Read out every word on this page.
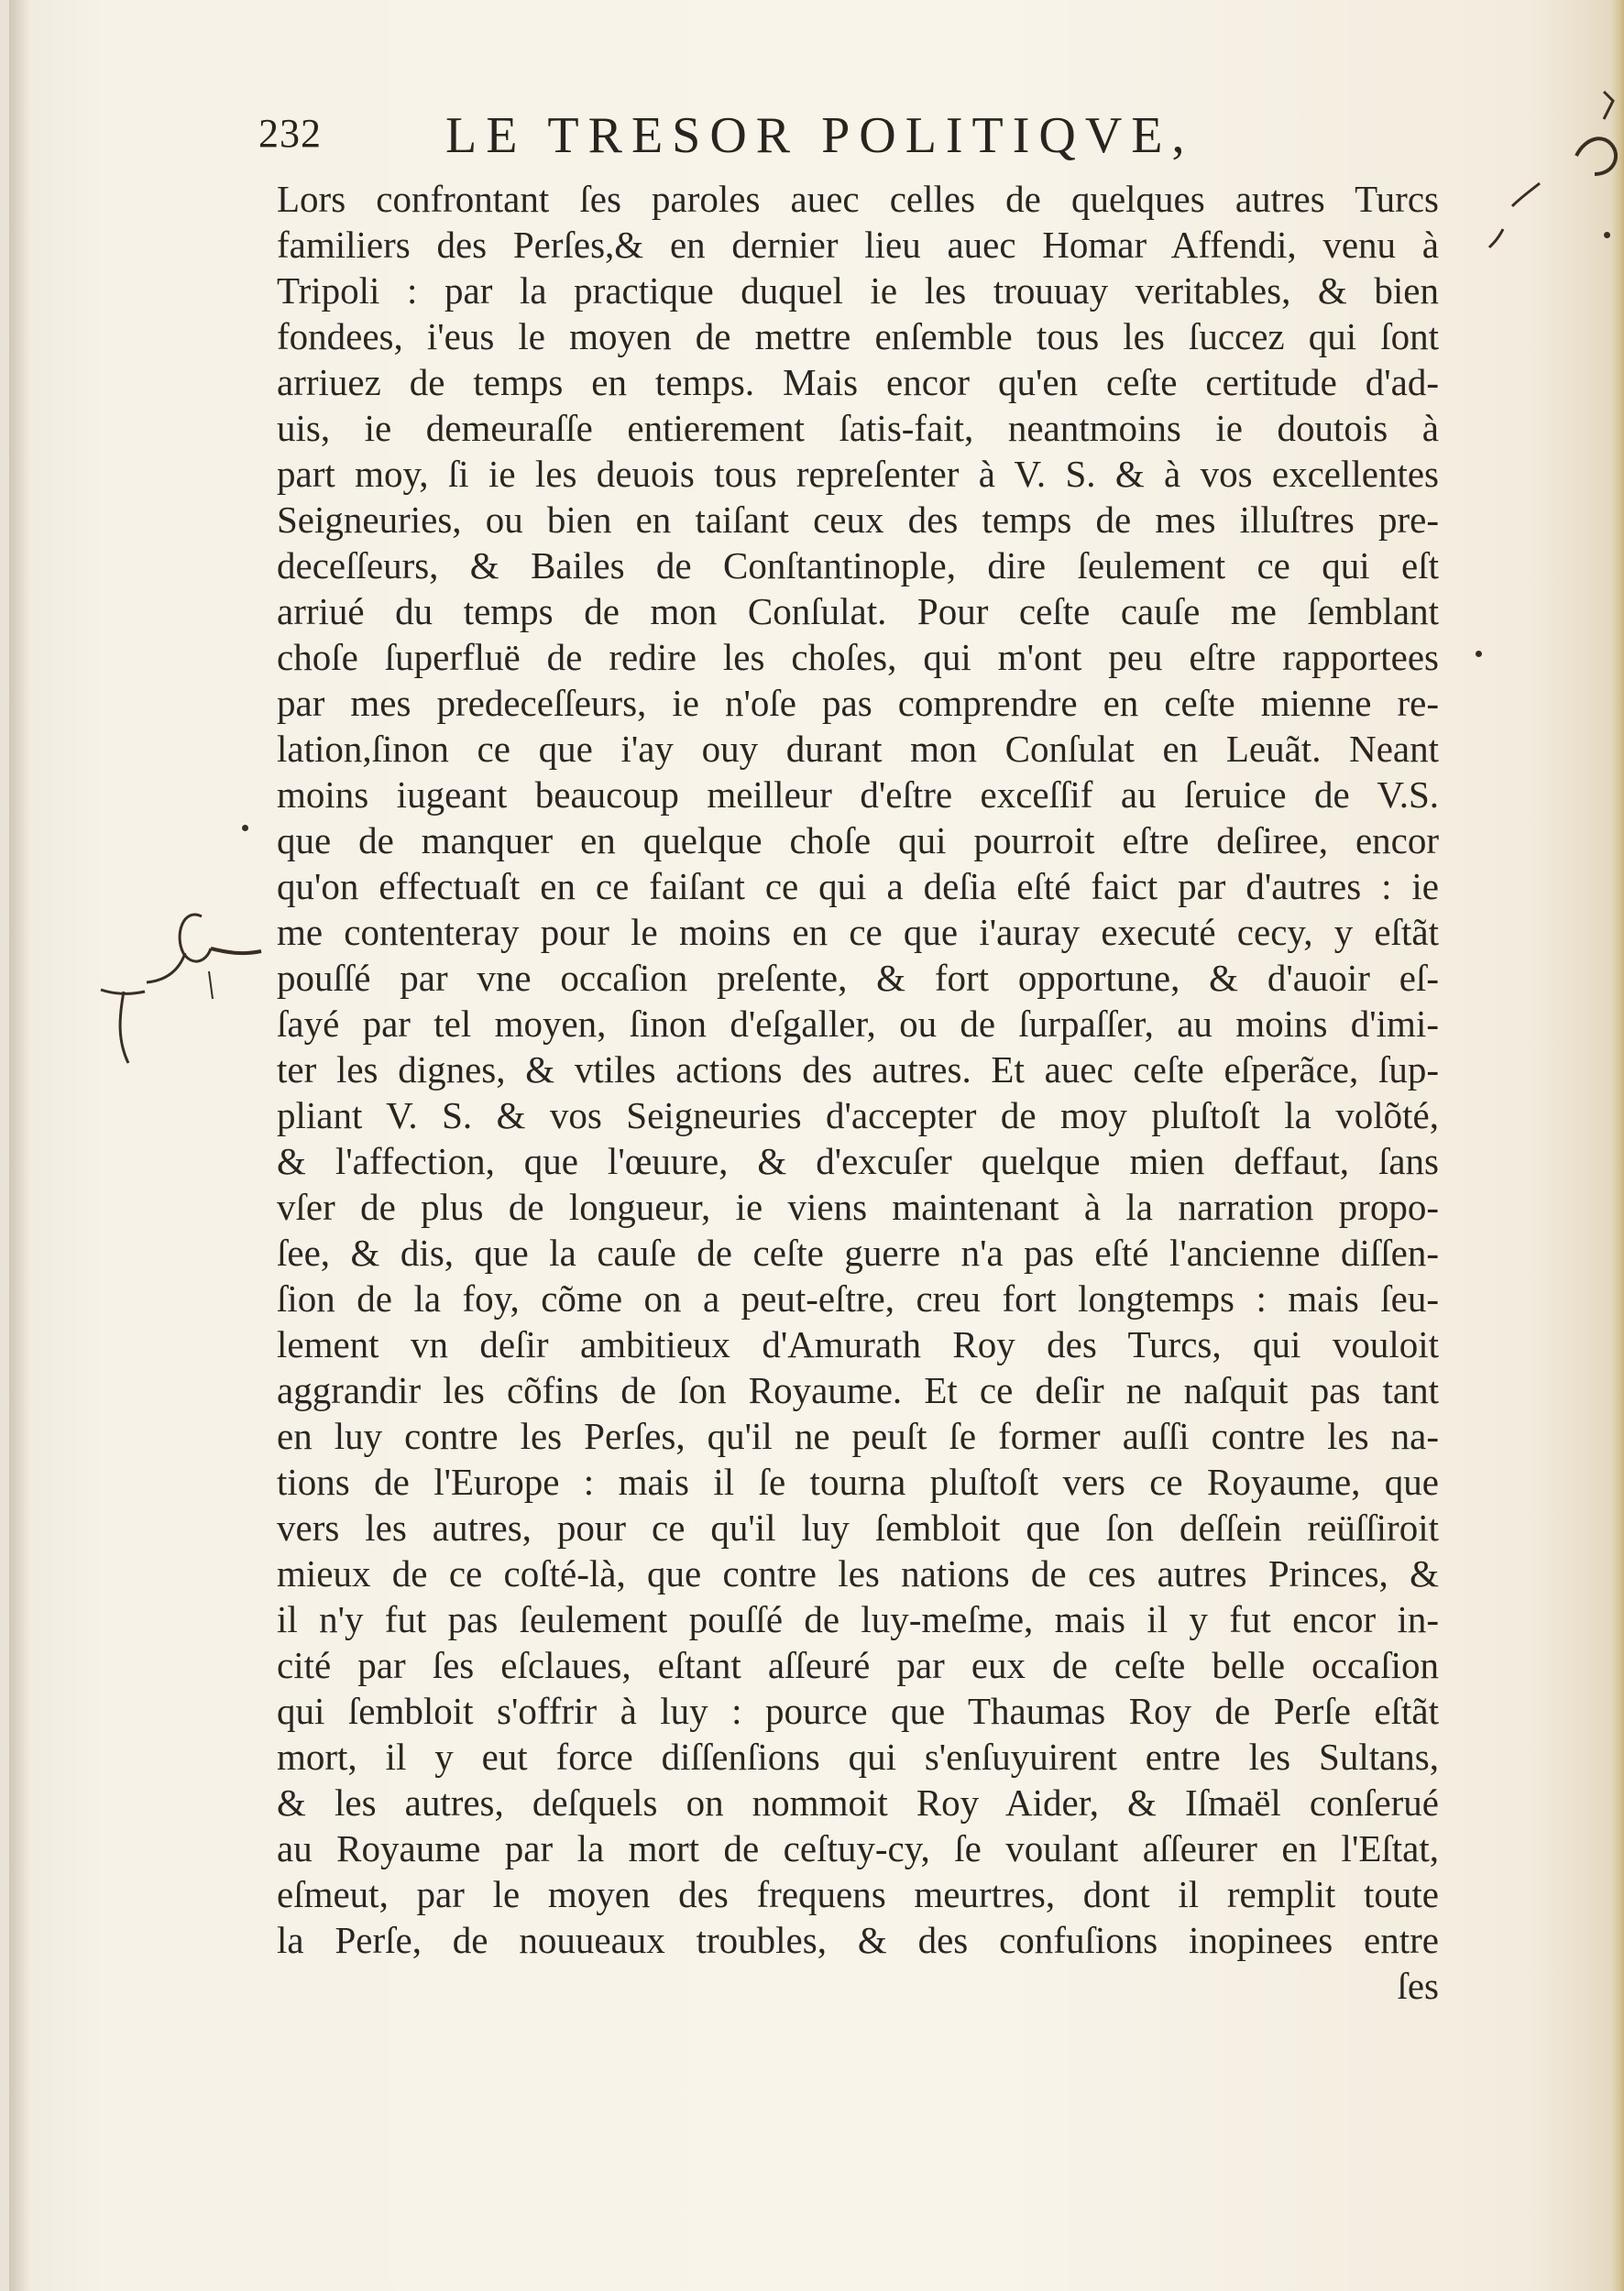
232 LE TRESOR POLITIQVE,
Lors confrontant ſes paroles auec celles de quelques autres Turcs
familiers des Perſes,& en dernier lieu auec Homar Affendi, venu à
Tripoli : par la practique duquel ie les trouuay veritables, & bien
fondees, i'eus le moyen de mettre enſemble tous les ſuccez qui ſont
arriuez de temps en temps. Mais encor qu'en ceſte certitude d'ad-
uis, ie demeuraſſe entierement ſatis-fait, neantmoins ie doutois à
part moy, ſi ie les deuois tous repreſenter à V. S. & à vos excellentes
Seigneuries, ou bien en taiſant ceux des temps de mes illuſtres pre-
deceſſeurs, & Bailes de Conſtantinople, dire ſeulement ce qui eſt
arriué du temps de mon Conſulat. Pour ceſte cauſe me ſemblant
choſe ſuperfluë de redire les choſes, qui m'ont peu eſtre rapportees
par mes predeceſſeurs, ie n'oſe pas comprendre en ceſte mienne re-
lation,ſinon ce que i'ay ouy durant mon Conſulat en Leuãt. Neant
moins iugeant beaucoup meilleur d'eſtre exceſſif au ſeruice de V.S.
que de manquer en quelque choſe qui pourroit eſtre deſiree, encor
qu'on effectuaſt en ce faiſant ce qui a deſia eſté faict par d'autres : ie
me contenteray pour le moins en ce que i'auray executé cecy, y eſtãt
pouſſé par vne occaſion preſente, & fort opportune, & d'auoir eſ-
ſayé par tel moyen, ſinon d'eſgaller, ou de ſurpaſſer, au moins d'imi-
ter les dignes, & vtiles actions des autres. Et auec ceſte eſperãce, ſup-
pliant V. S. & vos Seigneuries d'accepter de moy pluſtoſt la volõté,
& l'affection, que l'œuure, & d'excuſer quelque mien deffaut, ſans
vſer de plus de longueur, ie viens maintenant à la narration propo-
ſee, & dis, que la cauſe de ceſte guerre n'a pas eſté l'ancienne diſſen-
ſion de la foy, cõme on a peut-eſtre, creu fort longtemps : mais ſeu-
lement vn deſir ambitieux d'Amurath Roy des Turcs, qui vouloit
aggrandir les cõfins de ſon Royaume. Et ce deſir ne naſquit pas tant
en luy contre les Perſes, qu'il ne peuſt ſe former auſſi contre les na-
tions de l'Europe : mais il ſe tourna pluſtoſt vers ce Royaume, que
vers les autres, pour ce qu'il luy ſembloit que ſon deſſein reüſſiroit
mieux de ce coſté-là, que contre les nations de ces autres Princes, &
il n'y fut pas ſeulement pouſſé de luy-meſme, mais il y fut encor in-
cité par ſes eſclaues, eſtant aſſeuré par eux de ceſte belle occaſion
qui ſembloit s'offrir à luy : pource que Thaumas Roy de Perſe eſtãt
mort, il y eut force diſſenſions qui s'enſuyuirent entre les Sultans,
& les autres, deſquels on nommoit Roy Aider, & Iſmaël conſerué
au Royaume par la mort de ceſtuy-cy, ſe voulant aſſeurer en l'Eſtat,
eſmeut, par le moyen des frequens meurtres, dont il remplit toute
la Perſe, de nouueaux troubles, & des confuſions inopinees entre
ſes
